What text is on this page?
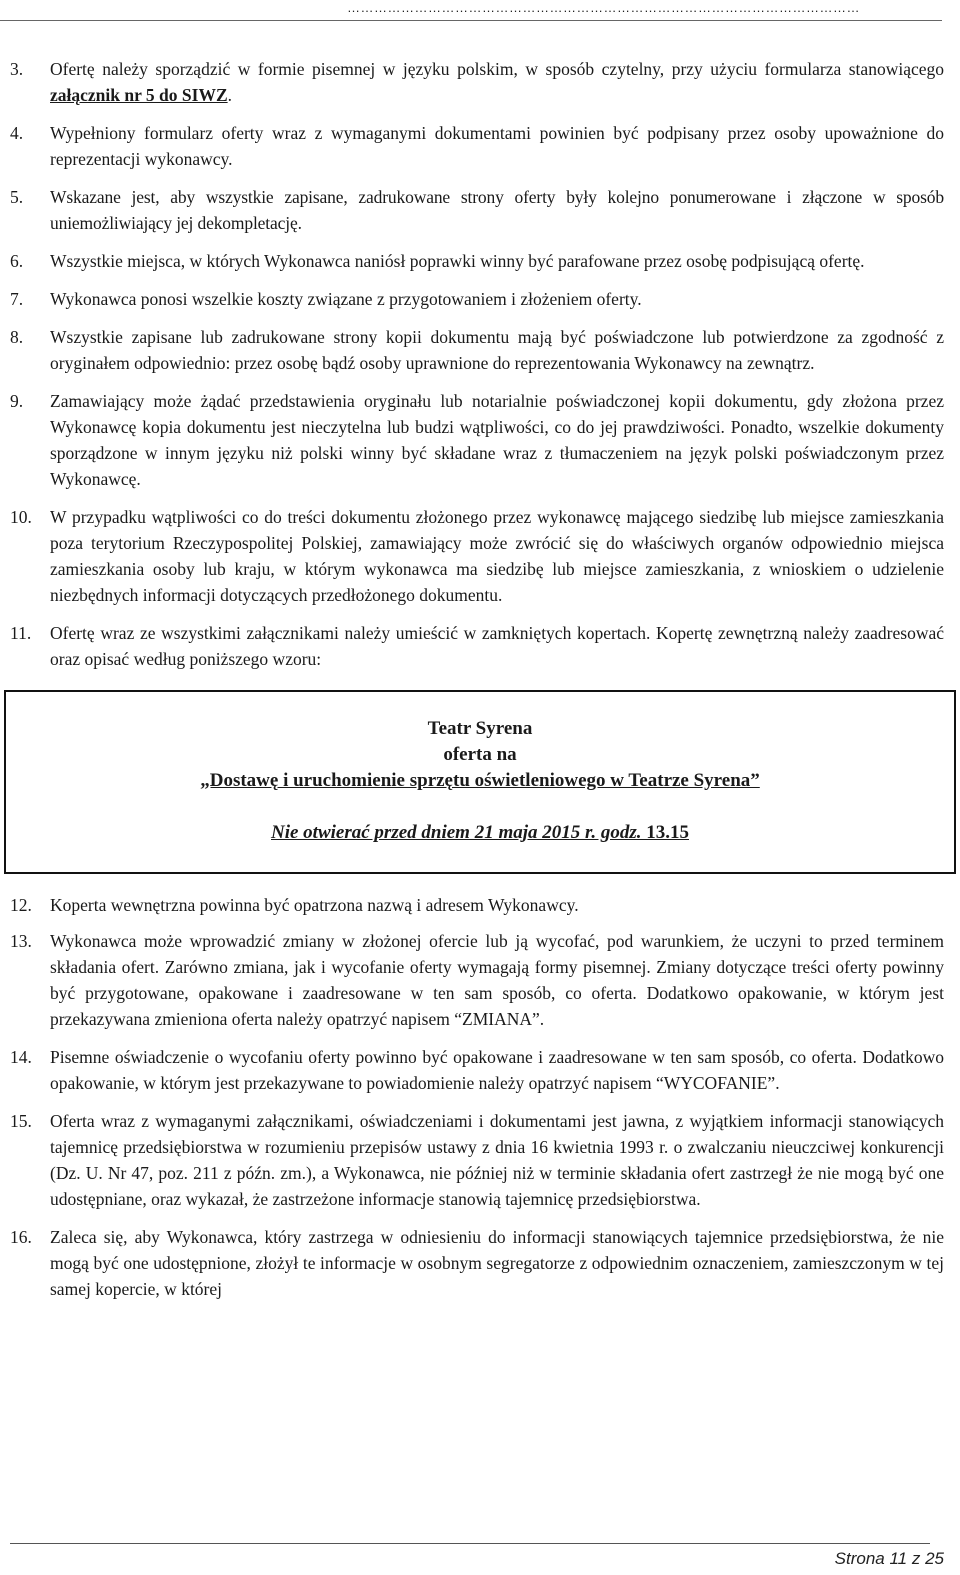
……………………………………………………………………………………………………
3.	Ofertę należy sporządzić w formie pisemnej w języku polskim, w sposób czytelny, przy użyciu formularza stanowiącego załącznik nr 5 do SIWZ.
4.	Wypełniony formularz oferty wraz z wymaganymi dokumentami powinien być podpisany przez osoby upoważnione do reprezentacji wykonawcy.
5.	Wskazane jest, aby wszystkie zapisane, zadrukowane strony oferty były kolejno ponumerowane i złączone w sposób uniemożliwiający jej dekompletację.
6.	Wszystkie miejsca, w których Wykonawca naniósł poprawki winny być parafowane przez osobę podpisującą ofertę.
7.	Wykonawca ponosi wszelkie koszty związane z przygotowaniem i złożeniem oferty.
8.	Wszystkie zapisane lub zadrukowane strony kopii dokumentu mają być poświadczone lub potwierdzone za zgodność z oryginałem odpowiednio: przez osobę bądź osoby uprawnione do reprezentowania Wykonawcy na zewnątrz.
9.	Zamawiający może żądać przedstawienia oryginału lub notarialnie poświadczonej kopii dokumentu, gdy złożona przez Wykonawcę kopia dokumentu jest nieczytelna lub budzi wątpliwości, co do jej prawdziwości. Ponadto, wszelkie dokumenty sporządzone w innym języku niż polski winny być składane wraz z tłumaczeniem na język polski poświadczonym przez Wykonawcę.
10.	W przypadku wątpliwości co do treści dokumentu złożonego przez wykonawcę mającego siedzibę lub miejsce zamieszkania poza terytorium Rzeczypospolitej Polskiej, zamawiający może zwrócić się do właściwych organów odpowiednio miejsca zamieszkania osoby lub kraju, w którym wykonawca ma siedzibę lub miejsce zamieszkania, z wnioskiem o udzielenie niezbędnych informacji dotyczących przedłożonego dokumentu.
11.	Ofertę wraz ze wszystkimi załącznikami należy umieścić w zamkniętych kopertach. Kopertę zewnętrzną należy zaadresować oraz opisać według poniższego wzoru:
Teatr Syrena
oferta na
„Dostawę i uruchomienie sprzętu oświetleniowego w Teatrze Syrena”
Nie otwierać przed dniem 21 maja 2015 r. godz. 13.15
12.	Koperta wewnętrzna powinna być opatrzona nazwą i adresem Wykonawcy.
13.	Wykonawca może wprowadzić zmiany w złożonej ofercie lub ją wycofać, pod warunkiem, że uczyni to przed terminem składania ofert. Zarówno zmiana, jak i wycofanie oferty wymagają formy pisemnej. Zmiany dotyczące treści oferty powinny być przygotowane, opakowane i zaadresowane w ten sam sposób, co oferta. Dodatkowo opakowanie, w którym jest przekazywana zmieniona oferta należy opatrzyć napisem “ZMIANA”.
14.	Pisemne oświadczenie o wycofaniu oferty powinno być opakowane i zaadresowane w ten sam sposób, co oferta. Dodatkowo opakowanie, w którym jest przekazywane to powiadomienie należy opatrzyć napisem “WYCOFANIE”.
15.	Oferta wraz z wymaganymi załącznikami, oświadczeniami i dokumentami jest jawna, z wyjątkiem informacji stanowiących tajemnicę przedsiębiorstwa w rozumieniu przepisów ustawy z dnia 16 kwietnia 1993 r. o zwalczaniu nieuczciwej konkurencji (Dz. U. Nr 47, poz. 211 z późn. zm.), a Wykonawca, nie później niż w terminie składania ofert zastrzegł że nie mogą być one udostępniane, oraz wykazał, że zastrzeżone informacje stanowią tajemnicę przedsiębiorstwa.
16.	Zaleca się, aby Wykonawca, który zastrzega w odniesieniu do informacji stanowiących tajemnice przedsiębiorstwa, że nie mogą być one udostępnione, złożył te informacje w osobnym segregatorze z odpowiednim oznaczeniem, zamieszczonym w tej samej kopercie, w której
Strona 11 z 25
